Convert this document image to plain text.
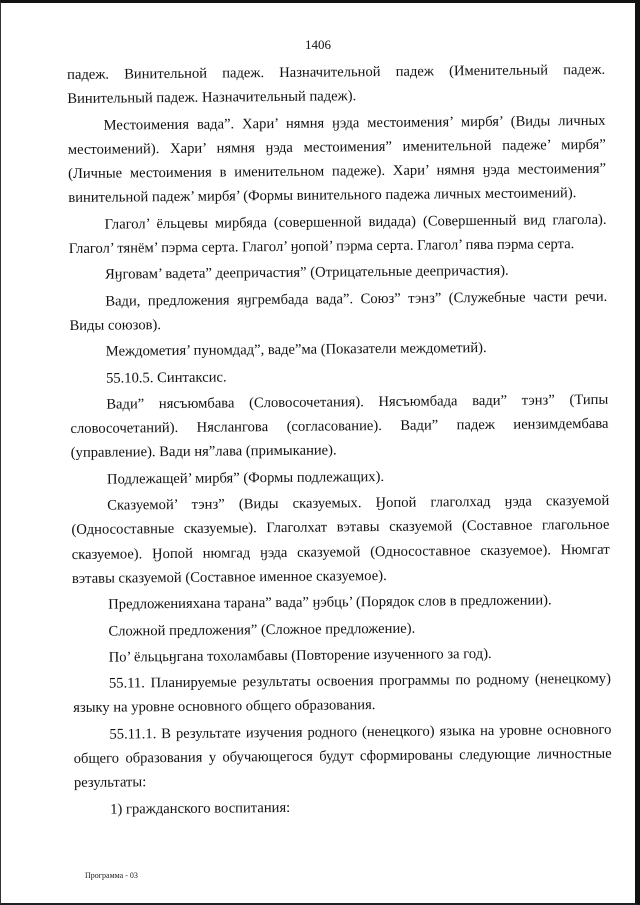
1406

падеж. Винительной падеж. Назначительной падеж (Именительный падеж. Винительный падеж. Назначительный падеж).

Местоимения вада”. Хари’ нямня ӈэда местоимения’ мирбя’ (Виды личных местоимений). Хари’ нямня ӈэда местоимения” именительной падеже’ мирбя” (Личные местоимения в именительном падеже). Хари’ нямня ӈэда местоимения” винительной падеж’ мирбя’ (Формы винительного падежа личных местоимений).

Глагол’ ёльцевы мирбяда (совершенной видада) (Совершенный вид глагола). Глагол’ тянём’ пэрма серта. Глагол’ ӈопой’ пэрма серта. Глагол’ пява пэрма серта.

Яӈговам’ вадета” деепричастия” (Отрицательные деепричастия).

Вади, предложения яӈгрембада вада”. Союз” тэнз” (Служебные части речи. Виды союзов).

Междометия’ пуномдад”, ваде”ма (Показатели междометий).

55.10.5. Синтаксис.

Вади” нясъюмбава (Словосочетания). Нясъюмбада вади” тэнз” (Типы словосочетаний). Нясланговa (согласование). Вади” падеж иензимдембава (управление). Вади ня”лава (примыкание).

Подлежащей’ мирбя” (Формы подлежащих).

Сказуемой’ тэнз” (Виды сказуемых. Ӈопой глаголхад ӈэда сказуемой (Односоставные сказуемые). Глаголхат вэтавы сказуемой (Составное глагольное сказуемое). Ӈопой нюмгад ӈэда сказуемой (Односоставное сказуемое). Нюмгат вэтавы сказуемой (Составное именное сказуемое).

Предложенияхана тарана” вада” ӈэбць’ (Порядок слов в предложении).

Сложной предложения” (Сложное предложение).

По’ ёльцьӈгана тохоламбавы (Повторение изученного за год).

55.11. Планируемые результаты освоения программы по родному (ненецкому) языку на уровне основного общего образования.

55.11.1. В результате изучения родного (ненецкого) языка на уровне основного общего образования у обучающегося будут сформированы следующие личностные результаты:

1) гражданского воспитания:

Программа - 03
